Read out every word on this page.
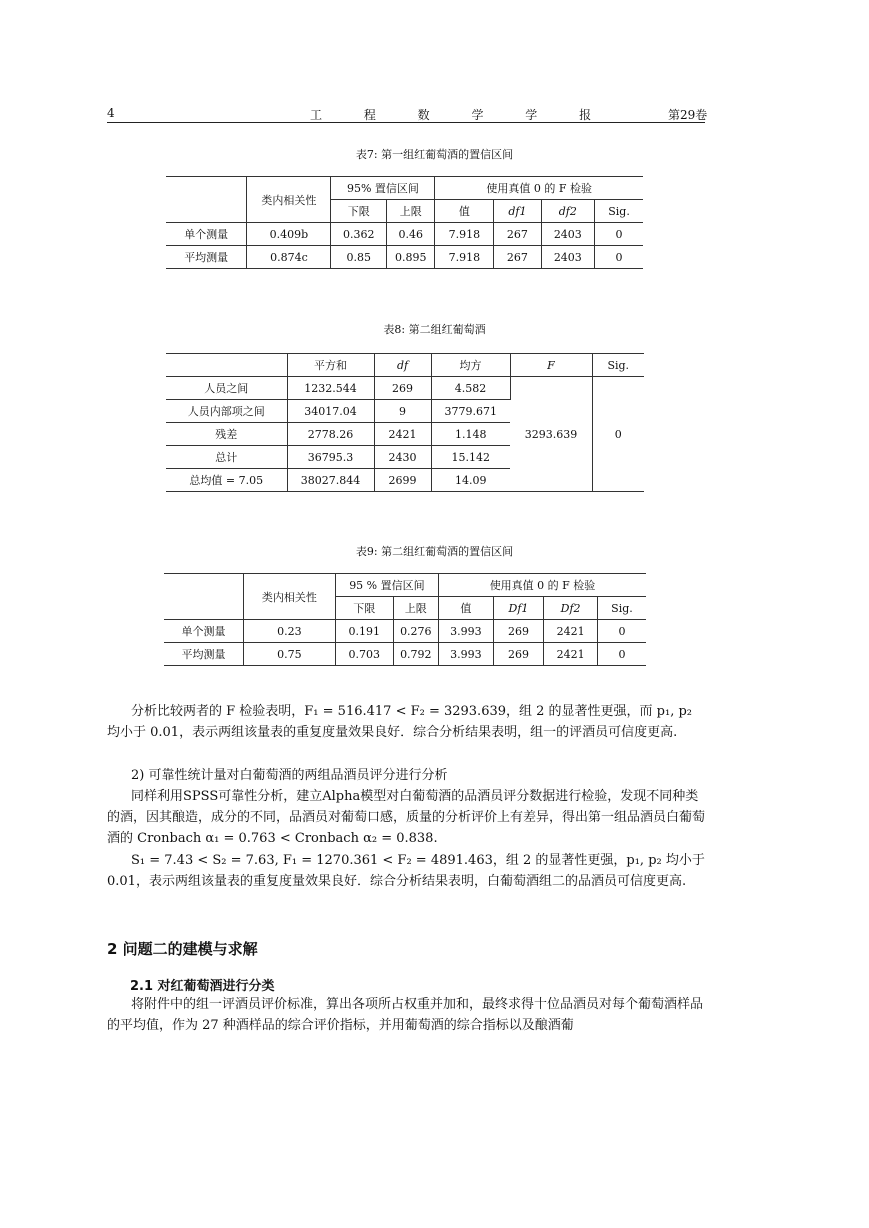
4	工 程 数 学 学 报	第29卷
表7: 第一组红葡萄酒的置信区间
	类内相关性	95% 置信区间		使用真值 0 的 F 检验			
		下限	上限	值	df1	df2	Sig.
单个测量	0.409b	0.362	0.46	7.918	267	2403	0
平均测量	0.874c	0.85	0.895	7.918	267	2403	0
表8: 第二组红葡萄酒
	平方和	df	均方	F	Sig.
人员之间	1232.544	269	4.582	3293.639	0
人员内部项之间	34017.04	9	3779.671		
残差	2778.26	2421	1.148		
总计	36795.3	2430	15.142		
总均值 = 7.05	38027.844	2699	14.09		
表9: 第二组红葡萄酒的置信区间
	类内相关性	95 % 置信区间		使用真值 0 的 F 检验			
		下限	上限	值	Df1	Df2	Sig.
单个测量	0.23	0.191	0.276	3.993	269	2421	0
平均测量	0.75	0.703	0.792	3.993	269	2421	0
分析比较两者的 F 检验表明，F₁ = 516.417 < F₂ = 3293.639，组 2 的显著性更强，而 p₁, p₂ 均小于 0.01，表示两组该量表的重复度量效果良好．综合分析结果表明，组一的评酒员可信度更高.
2) 可靠性统计量对白葡萄酒的两组品酒员评分进行分析
同样利用SPSS可靠性分析，建立Alpha模型对白葡萄酒的品酒员评分数据进行检验，发现不同种类的酒，因其酿造，成分的不同，品酒员对葡萄口感，质量的分析评价上有差异，得出第一组品酒员白葡萄酒的 Cronbach α₁ = 0.763 < Cronbach α₂ = 0.838.
S₁ = 7.43 < S₂ = 7.63, F₁ = 1270.361 < F₂ = 4891.463，组 2 的显著性更强，p₁, p₂ 均小于 0.01，表示两组该量表的重复度量效果良好．综合分析结果表明，白葡萄酒组二的品酒员可信度更高.
2 问题二的建模与求解
2.1 对红葡萄酒进行分类
将附件中的组一评酒员评价标准，算出各项所占权重并加和，最终求得十位品酒员对每个葡萄酒样品的平均值，作为 27 种酒样品的综合评价指标，并用葡萄酒的综合指标以及酿酒葡
